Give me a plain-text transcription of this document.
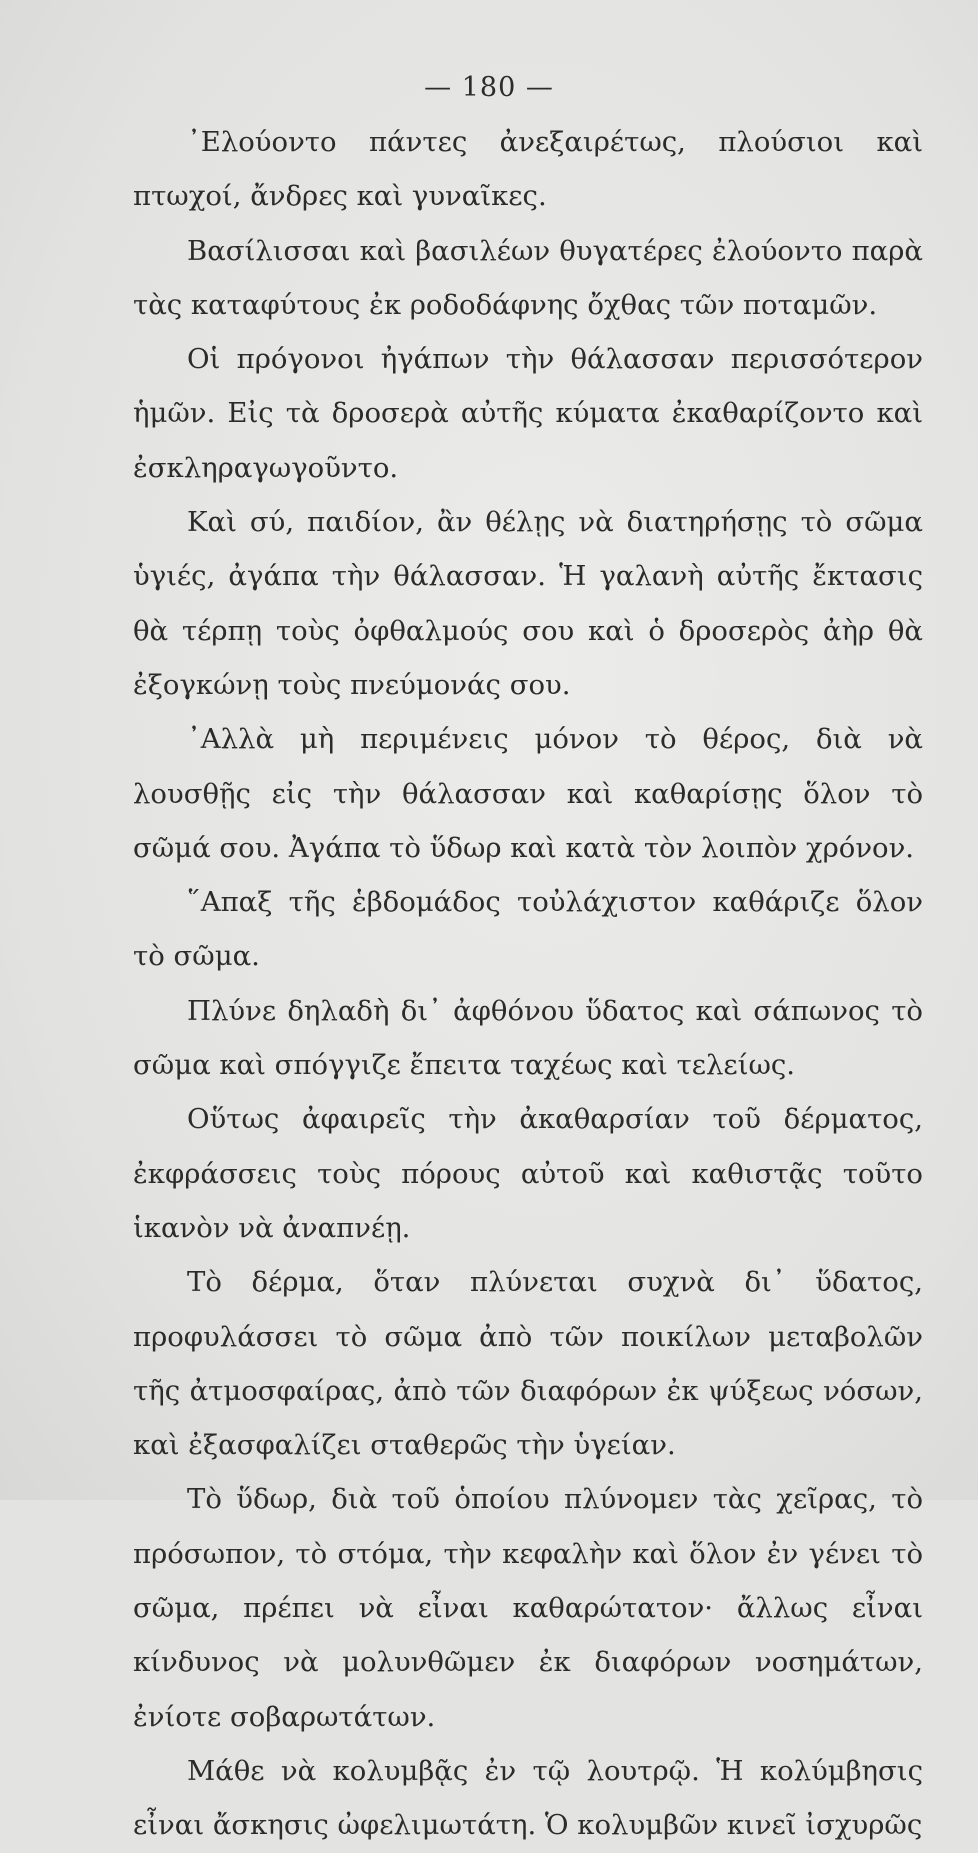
— 180 —

᾿Ελούοντο πάντες ἀνεξαιρέτως, πλούσιοι καὶ πτωχοί, ἄνδρες καὶ γυναῖκες.

Βασίλισσαι καὶ βασιλέων θυγατέρες ἐλούοντο παρὰ τὰς καταφύτους ἐκ ροδοδάφνης ὄχθας τῶν ποταμῶν.

Οἱ πρόγονοι ἠγάπων τὴν θάλασσαν περισσότερον ἡμῶν. Εἰς τὰ δροσερὰ αὐτῆς κύματα ἐκαθαρίζοντο καὶ ἐσκληραγωγοῦντο.

Καὶ σύ, παιδίον, ἂν θέλῃς νὰ διατηρήσῃς τὸ σῶμα ὑγιές, ἀγάπα τὴν θάλασσαν. Ἡ γαλανὴ αὐτῆς ἔκτασις θὰ τέρπῃ τοὺς ὀφθαλμούς σου καὶ ὁ δροσερὸς ἀὴρ θὰ ἐξογκώνῃ τοὺς πνεύμονάς σου.

᾿Αλλὰ μὴ περιμένεις μόνον τὸ θέρος, διὰ νὰ λουσθῇς εἰς τὴν θάλασσαν καὶ καθαρίσῃς ὅλον τὸ σῶμά σου. Ἀγάπα τὸ ὕδωρ καὶ κατὰ τὸν λοιπὸν χρόνον.

῞Απαξ τῆς ἑβδομάδος τοὐλάχιστον καθάριζε ὅλον τὸ σῶμα.

Πλύνε δηλαδὴ δι᾿ ἀφθόνου ὕδατος καὶ σάπωνος τὸ σῶμα καὶ σπόγγιζε ἔπειτα ταχέως καὶ τελείως.

Οὕτως ἀφαιρεῖς τὴν ἀκαθαρσίαν τοῦ δέρματος, ἐκφράσσεις τοὺς πόρους αὐτοῦ καὶ καθιστᾷς τοῦτο ἱκανὸν νὰ ἀναπνέῃ.

Τὸ δέρμα, ὅταν πλύνεται συχνὰ δι᾿ ὕδατος, προφυλάσσει τὸ σῶμα ἀπὸ τῶν ποικίλων μεταβολῶν τῆς ἀτμοσφαίρας, ἀπὸ τῶν διαφόρων ἐκ ψύξεως νόσων, καὶ ἐξασφαλίζει σταθερῶς τὴν ὑγείαν.

Τὸ ὕδωρ, διὰ τοῦ ὁποίου πλύνομεν τὰς χεῖρας, τὸ πρόσωπον, τὸ στόμα, τὴν κεφαλὴν καὶ ὅλον ἐν γένει τὸ σῶμα, πρέπει νὰ εἶναι καθαρώτατον· ἄλλως εἶναι κίνδυνος νὰ μολυνθῶμεν ἐκ διαφόρων νοσημάτων, ἐνίοτε σοβαρωτάτων.

Μάθε νὰ κολυμβᾷς ἐν τῷ λουτρῷ. Ἡ κολύμβησις εἶναι ἄσκησις ὠφελιμωτάτη. Ὁ κολυμβῶν κινεῖ ἰσχυρῶς
